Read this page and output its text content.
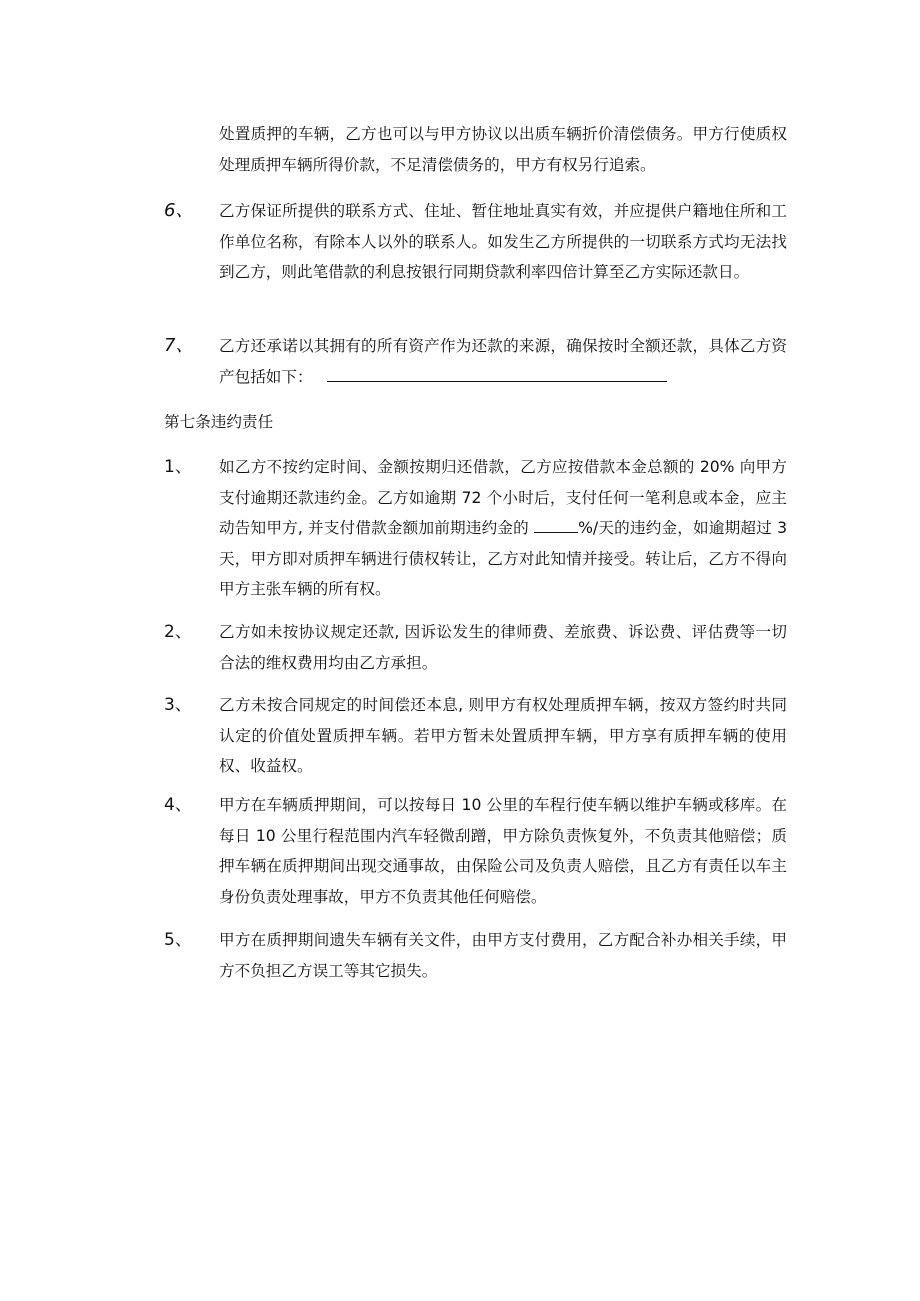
处置质押的车辆，乙方也可以与甲方协议以出质车辆折价清偿债务。甲方行使质权处理质押车辆所得价款，不足清偿债务的，甲方有权另行追索。
6、 乙方保证所提供的联系方式、住址、暂住地址真实有效，并应提供户籍地住所和工作单位名称，有除本人以外的联系人。如发生乙方所提供的一切联系方式均无法找到乙方，则此笔借款的利息按银行同期贷款利率四倍计算至乙方实际还款日。
7、 乙方还承诺以其拥有的所有资产作为还款的来源，确保按时全额还款，具体乙方资产包括如下：
第七条违约责任
1、 如乙方不按约定时间、金额按期归还借款，乙方应按借款本金总额的 20% 向甲方支付逾期还款违约金。乙方如逾期 72 个小时后，支付任何一笔利息或本金，应主动告知甲方, 并支付借款金额加前期违约金的	%/天的违约金，如逾期超过 3 天，甲方即对质押车辆进行债权转让，乙方对此知情并接受。转让后，乙方不得向甲方主张车辆的所有权。
2、 乙方如未按协议规定还款, 因诉讼发生的律师费、差旅费、诉讼费、评估费等一切合法的维权费用均由乙方承担。
3、 乙方未按合同规定的时间偿还本息, 则甲方有权处理质押车辆，按双方签约时共同认定的价值处置质押车辆。若甲方暂未处置质押车辆，甲方享有质押车辆的使用权、收益权。
4、 甲方在车辆质押期间，可以按每日 10 公里的车程行使车辆以维护车辆或移库。在每日 10 公里行程范围内汽车轻微刮蹭，甲方除负责恢复外，不负责其他赔偿；质押车辆在质押期间出现交通事故，由保险公司及负责人赔偿，且乙方有责任以车主身份负责处理事故，甲方不负责其他任何赔偿。
5、 甲方在质押期间遗失车辆有关文件，由甲方支付费用，乙方配合补办相关手续，甲方不负担乙方误工等其它损失。
